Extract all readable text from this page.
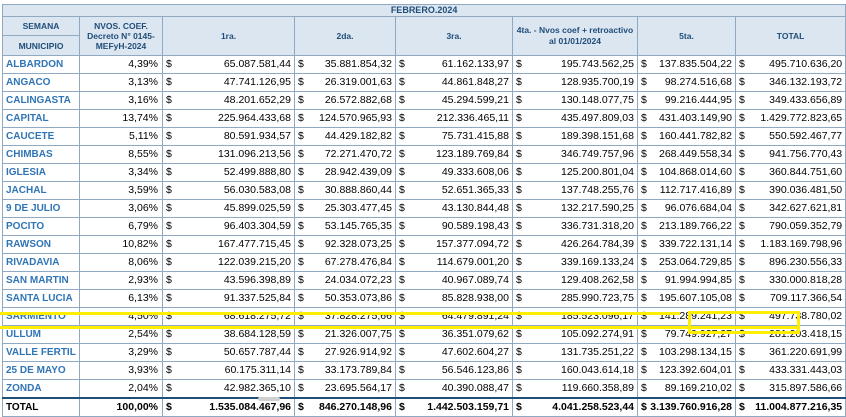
FEBRERO.2024													
SEMANA	NVOS. COEF. Decreto N° 0145-MEFyH-2024	1ra.		2da.		3ra.		4ta. - Nvos coef + retroactivo al 01/01/2024		5ta.		TOTAL	
MUNICIPIO													
ALBARDON	4,39%	$	65.087.581,44	$	35.881.854,32	$	61.162.133,97	$	195.743.562,25	$	137.835.504,22	$	495.710.636,20
ANGACO	3,13%	$	47.741.126,95	$	26.319.001,63	$	44.861.848,27	$	128.935.700,19	$	98.274.516,68	$	346.132.193,72
CALINGASTA	3,16%	$	48.201.652,29	$	26.572.882,68	$	45.294.599,21	$	130.148.077,75	$	99.216.444,95	$	349.433.656,89
CAPITAL	13,74%	$	225.964.433,68	$	124.570.965,93	$	212.336.465,11	$	435.497.809,03	$	431.403.149,90	$	1.429.772.823,65
CAUCETE	5,11%	$	80.591.934,57	$	44.429.182,82	$	75.731.415,88	$	189.398.151,68	$	160.441.782,82	$	550.592.467,77
CHIMBAS	8,55%	$	131.096.213,56	$	72.271.470,72	$	123.189.769,84	$	346.749.757,96	$	268.449.558,34	$	941.756.770,43
IGLESIA	3,34%	$	52.499.888,80	$	28.942.439,09	$	49.333.608,06	$	125.200.801,04	$	104.868.014,60	$	360.844.751,60
JACHAL	3,59%	$	56.030.583,08	$	30.888.860,44	$	52.651.365,33	$	137.748.255,76	$	112.717.416,89	$	390.036.481,50
9 DE JULIO	3,06%	$	45.899.025,59	$	25.303.477,45	$	43.130.844,48	$	132.217.590,25	$	96.076.684,04	$	342.627.621,81
POCITO	6,79%	$	96.403.304,59	$	53.145.765,35	$	90.589.198,43	$	336.731.318,20	$	213.189.766,22	$	790.059.352,79
RAWSON	10,82%	$	167.477.715,45	$	92.328.073,25	$	157.377.094,72	$	426.264.784,39	$	339.722.131,14	$	1.183.169.798,96
RIVADAVIA	8,06%	$	122.039.215,20	$	67.278.476,84	$	114.679.001,20	$	339.169.133,24	$	253.064.729,85	$	896.230.556,33
SAN MARTIN	2,93%	$	43.596.398,89	$	24.034.072,23	$	40.967.089,74	$	129.408.262,58	$	91.994.994,85	$	330.000.818,28
SANTA LUCIA	6,13%	$	91.337.525,84	$	50.353.073,86	$	85.828.938,00	$	285.990.723,75	$	195.607.105,08	$	709.117.366,54
SARMIENTO	4,50%	$	68.618.275,72	$	37.828.275,66	$	64.479.891,24	$	185.523.096,17	$	141.289.241,23	$	497.738.780,02
ULLUM	2,54%	$	38.684.128,59	$	21.326.007,75	$	36.351.079,62	$	105.092.274,91	$	79.749.927,27	$	281.203.418,15
VALLE FERTIL	3,29%	$	50.657.787,44	$	27.926.914,92	$	47.602.604,27	$	131.735.251,22	$	103.298.134,15	$	361.220.691,99
25 DE MAYO	3,93%	$	60.175.311,14	$	33.173.789,84	$	56.546.123,86	$	160.043.614,18	$	123.392.604,01	$	433.331.443,03
ZONDA	2,04%	$	42.982.365,10	$	23.695.564,17	$	40.390.088,47	$	119.660.358,89	$	89.169.210,02	$	315.897.586,66
TOTAL	100,00%	$	1.535.084.467,96	$	846.270.148,96	$	1.442.503.159,71	$	4.041.258.523,44	$	3.139.760.916,28	$	11.004.877.216,35
